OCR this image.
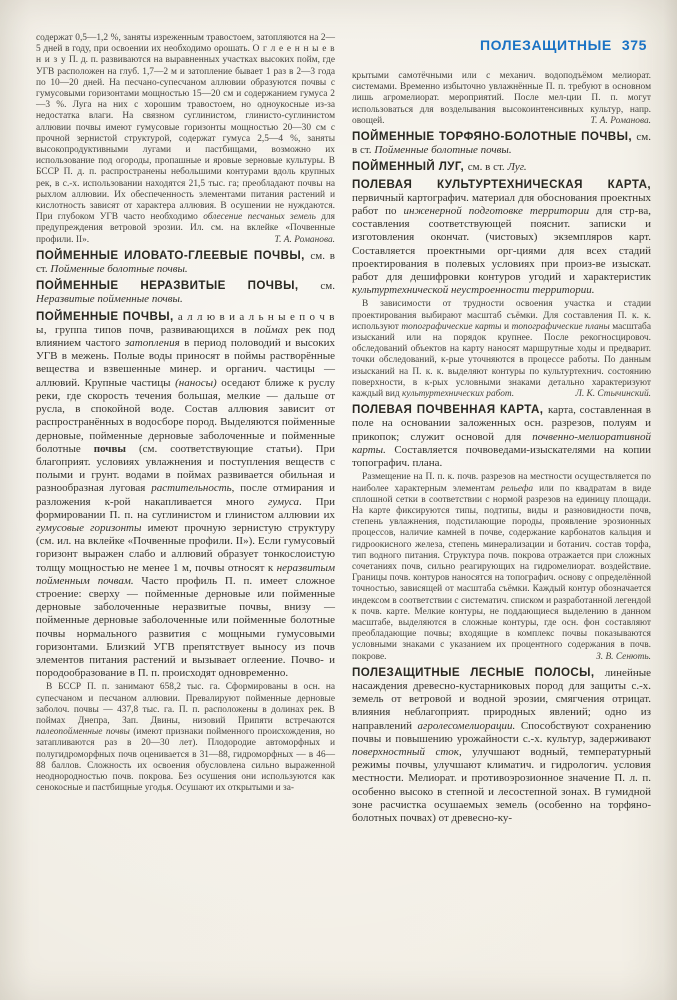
содержат 0,5—1,2 %, заняты изреженным травостоем, затопляются на 2—5 дней в году, при освоении их необходимо орошать. О г л е е н н ы е в н и з у П. д. п. развиваются на выравненных участках высоких пойм, где УГВ расположен на глуб. 1,7—2 м и затопление бывает 1 раз в 2—3 года по 10—20 дней. На песчано-супесчаном аллювии образуются почвы с гумусовыми горизонтами мощностью 15—20 см и содержанием гумуса 2—3 %. Луга на них с хорошим травостоем, но одноукосные из-за недостатка влаги. На связном суглинистом, глинисто-суглинистом аллювии почвы имеют гумусовые горизонты мощностью 20—30 см с прочной зернистой структурой, содержат гумуса 2,5—4 %, заняты высокопродуктивными лугами и пастбищами, возможно их использование под огороды, пропашные и яровые зерновые культуры. В БССР П. д. п. распространены небольшими контурами вдоль крупных рек, в с.-х. использовании находятся 21,5 тыс. га; преобладают почвы на рыхлом аллювии. Их обеспеченность элементами питания растений и кислотность зависят от характера аллювия. В осушении не нуждаются. При глубоком УГВ часто необходимо облесение песчаных земель для предупреждения ветровой эрозии. Ил. см. на вклейке «Почвенные профили. II».	Т. А. Романова.

ПОЙМЕННЫЕ ИЛОВАТО-ГЛЕЕВЫЕ ПОЧВЫ, см. в ст. Пойменные болотные почвы.

ПОЙМЕННЫЕ НЕРАЗВИТЫЕ ПОЧВЫ, см. Неразвитые пойменные почвы.

ПОЙМЕННЫЕ ПОЧВЫ, а л л ю в и а л ь н ы е п о ч в ы, группа типов почв, развивающихся в поймах рек под влиянием частого затопления в период половодий и высоких УГВ в межень. Полые воды приносят в поймы растворённые вещества и взвешенные минер. и органич. частицы — аллювий. Крупные частицы (наносы) оседают ближе к руслу реки, где скорость течения большая, мелкие — дальше от русла, в спокойной воде. Состав аллювия зависит от распространённых в водосборе пород. Выделяются пойменные дерновые, пойменные дерновые заболоченные и пойменные болотные почвы (см. соответствующие статьи). При благоприят. условиях увлажнения и поступления веществ с полыми и грунт. водами в поймах развивается обильная и разнообразная луговая растительность, после отмирания и разложения к-рой накапливается много гумуса. При формировании П. п. на суглинистом и глинистом аллювии их гумусовые горизонты имеют прочную зернистую структуру (см. ил. на вклейке «Почвенные профили. II»). Если гумусовый горизонт выражен слабо и аллювий образует тонкослоистую толщу мощностью не менее 1 м, почвы относят к неразвитым пойменным почвам. Часто профиль П. п. имеет сложное строение: сверху — пойменные дерновые или пойменные дерновые заболоченные неразвитые почвы, внизу — пойменные дерновые заболоченные или пойменные болотные почвы нормального развития с мощными гумусовыми горизонтами. Близкий УГВ препятствует выносу из почв элементов питания растений и вызывает оглеение. Почво- и породообразование в П. п. происходят одновременно.

В БССР П. п. занимают 658,2 тыс. га. Сформированы в осн. на супесчаном и песчаном аллювии. Превалируют пойменные дерновые заболоч. почвы — 437,8 тыс. га. П. п. расположены в долинах рек. В поймах Днепра, Зап. Двины, низовий Припяти встречаются палеопойменные почвы (имеют признаки пойменного происхождения, но затапливаются раз в 20—30 лет). Плодородие автоморфных и полугидроморфных почв оценивается в 31—88, гидроморфных — в 46—88 баллов. Сложность их освоения обусловлена сильно выраженной неоднородностью почв. покрова. Без осушения они используются как сенокосные и пастбищные угодья. Осушают их открытыми и за-

ПОЛЕЗАЩИТНЫЕ 375

крытыми самотёчными или с механич. водоподъёмом мелиорат. системами. Временно избыточно увлажнённые П. п. требуют в основном лишь агромелиорат. мероприятий. После мел-ции П. п. могут использоваться для возделывания высокоинтенсивных культур, напр. овощей.	Т. А. Романова.

ПОЙМЕННЫЕ ТОРФЯНО-БОЛОТНЫЕ ПОЧВЫ, см. в ст. Пойменные болотные почвы.

ПОЙМЕННЫЙ ЛУГ, см. в ст. Луг.

ПОЛЕВАЯ КУЛЬТУРТЕХНИЧЕСКАЯ КАРТА, первичный картографич. материал для обоснования проектных работ по инженерной подготовке территории для стр-ва, составления соответствующей пояснит. записки и изготовления окончат. (чистовых) экземпляров карт. Составляется проектными орг-циями для всех стадий проектирования в полевых условиях при произ-ве изыскат. работ для дешифровки контуров угодий и характеристик культуртехнической неустроенности территории.

В зависимости от трудности освоения участка и стадии проектирования выбирают масштаб съёмки. Для составления П. к. к. используют топографические карты и топографические планы масштаба изысканий или на порядок крупнее. После рекогносцировоч. обследований объектов на карту наносят маршрутные ходы и предварит. точки обследований, к-рые уточняются в процессе работы. По данным изысканий на П. к. к. выделяют контуры по культуртехнич. состоянию поверхности, в к-рых условными знаками детально характеризуют каждый вид культуртехнических работ.	Л. К. Стычинский.

ПОЛЕВАЯ ПОЧВЕННАЯ КАРТА, карта, составленная в поле на основании заложенных осн. разрезов, полуям и прикопок; служит основой для почвенно-мелиоративной карты. Составляется почвоведами-изыскателями на копии топографич. плана.

Размещение на П. п. к. почв. разрезов на местности осуществляется по наиболее характерным элементам рельефа или по квадратам в виде сплошной сетки в соответствии с нормой разрезов на единицу площади. На карте фиксируются типы, подтипы, виды и разновидности почв, степень увлажнения, подстилающие породы, проявление эрозионных процессов, наличие камней в почве, содержание карбонатов кальция и гидроокисного железа, степень минерализации и ботанич. состав торфа, тип водного питания. Структура почв. покрова отражается при сложных сочетаниях почв, сильно реагирующих на гидромелиорат. воздействие. Границы почв. контуров наносятся на топографич. основу с определённой точностью, зависящей от масштаба съёмки. Каждый контур обозначается индексом в соответствии с систематич. списком и разработанной легендой к почв. карте. Мелкие контуры, не поддающиеся выделению в данном масштабе, выделяются в сложные контуры, где осн. фон составляют преобладающие почвы; входящие в комплекс почвы показываются условными знаками с указанием их процентного содержания в почв. покрове.	З. В. Сенють.

ПОЛЕЗАЩИТНЫЕ ЛЕСНЫЕ ПОЛОСЫ, линейные насаждения древесно-кустарниковых пород для защиты с.-х. земель от ветровой и водной эрозии, смягчения отрицат. влияния неблагоприят. природных явлений; одно из направлений агролесомелиорации. Способствуют сохранению почвы и повышению урожайности с.-х. культур, задерживают поверхностный сток, улучшают водный, температурный режимы почвы, улучшают климатич. и гидрологич. условия местности. Мелиорат. и противоэрозионное значение П. л. п. особенно высоко в степной и лесостепной зонах. В гумидной зоне расчистка осушаемых земель (особенно на торфяно-болотных почвах) от древесно-ку-
